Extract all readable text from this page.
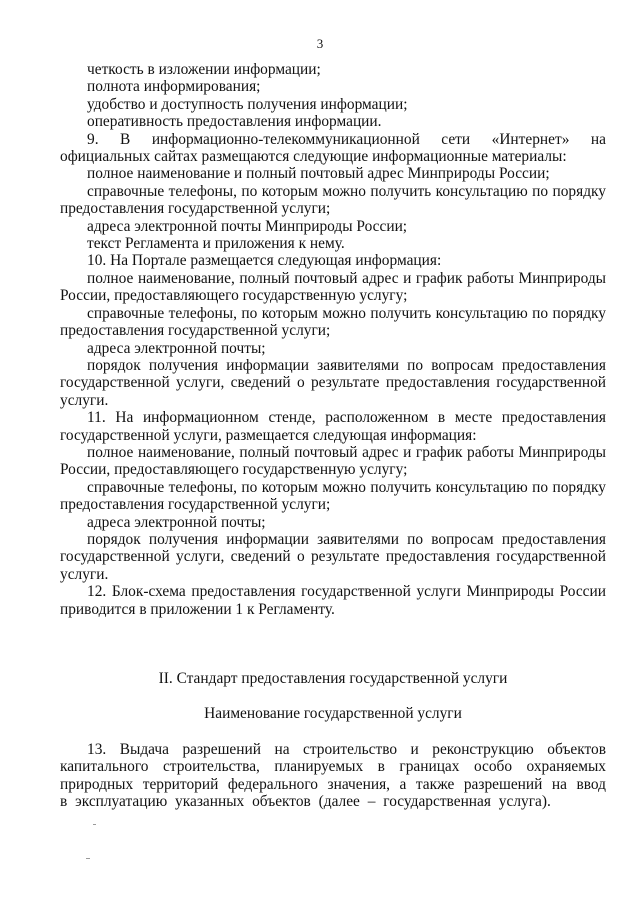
3

четкость в изложении информации;

полнота информирования;

удобство и доступность получения информации;

оперативность предоставления информации.

9. В информационно-телекоммуникационной сети «Интернет» на официальных сайтах размещаются следующие информационные материалы:

полное наименование и полный почтовый адрес Минприроды России;

справочные телефоны, по которым можно получить консультацию по порядку предоставления государственной услуги;

адреса электронной почты Минприроды России;

текст Регламента и приложения к нему.

10. На Портале размещается следующая информация:

полное наименование, полный почтовый адрес и график работы Минприроды России, предоставляющего государственную услугу;

справочные телефоны, по которым можно получить консультацию по порядку предоставления государственной услуги;

адреса электронной почты;

порядок получения информации заявителями по вопросам предоставления государственной услуги, сведений о результате предоставления государственной услуги.

11. На информационном стенде, расположенном в месте предоставления государственной услуги, размещается следующая информация:

полное наименование, полный почтовый адрес и график работы Минприроды России, предоставляющего государственную услугу;

справочные телефоны, по которым можно получить консультацию по порядку предоставления государственной услуги;

адреса электронной почты;

порядок получения информации заявителями по вопросам предоставления государственной услуги, сведений о результате предоставления государственной услуги.

12. Блок-схема предоставления государственной услуги Минприроды России приводится в приложении 1 к Регламенту.

II. Стандарт предоставления государственной услуги

Наименование государственной услуги

13. Выдача разрешений на строительство и реконструкцию объектов капитального строительства, планируемых в границах особо охраняемых природных территорий федерального значения, а также разрешений на ввод в эксплуатацию указанных объектов (далее – государственная услуга).
